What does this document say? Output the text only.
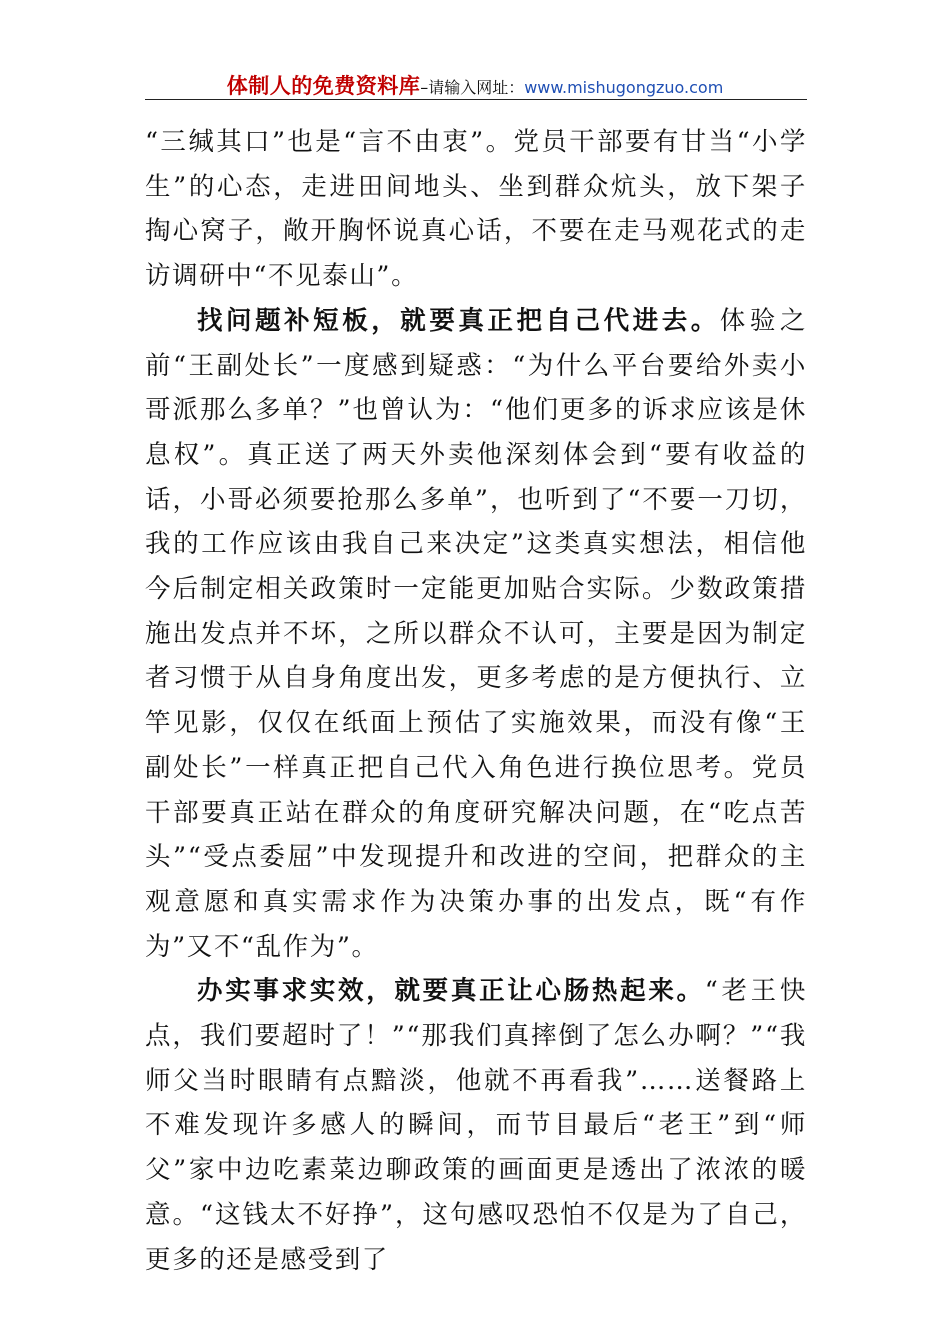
体制人的免费资料库–请输入网址：www.mishugongzuo.com

“三缄其口”也是“言不由衷”。党员干部要有甘当“小学生”的心态，走进田间地头、坐到群众炕头，放下架子掏心窝子，敞开胸怀说真心话，不要在走马观花式的走访调研中“不见泰山”。

找问题补短板，就要真正把自己代进去。体验之前“王副处长”一度感到疑惑：“为什么平台要给外卖小哥派那么多单？”也曾认为：“他们更多的诉求应该是休息权”。真正送了两天外卖他深刻体会到“要有收益的话，小哥必须要抢那么多单”，也听到了“不要一刀切，我的工作应该由我自己来决定”这类真实想法，相信他今后制定相关政策时一定能更加贴合实际。少数政策措施出发点并不坏，之所以群众不认可，主要是因为制定者习惯于从自身角度出发，更多考虑的是方便执行、立竿见影，仅仅在纸面上预估了实施效果，而没有像“王副处长”一样真正把自己代入角色进行换位思考。党员干部要真正站在群众的角度研究解决问题，在“吃点苦头”“受点委屈”中发现提升和改进的空间，把群众的主观意愿和真实需求作为决策办事的出发点，既“有作为”又不“乱作为”。

办实事求实效，就要真正让心肠热起来。“老王快点，我们要超时了！”“那我们真摔倒了怎么办啊？”“我师父当时眼睛有点黯淡，他就不再看我”……送餐路上不难发现许多感人的瞬间，而节目最后“老王”到“师父”家中边吃素菜边聊政策的画面更是透出了浓浓的暖意。“这钱太不好挣”，这句感叹恐怕不仅是为了自己，更多的还是感受到了
